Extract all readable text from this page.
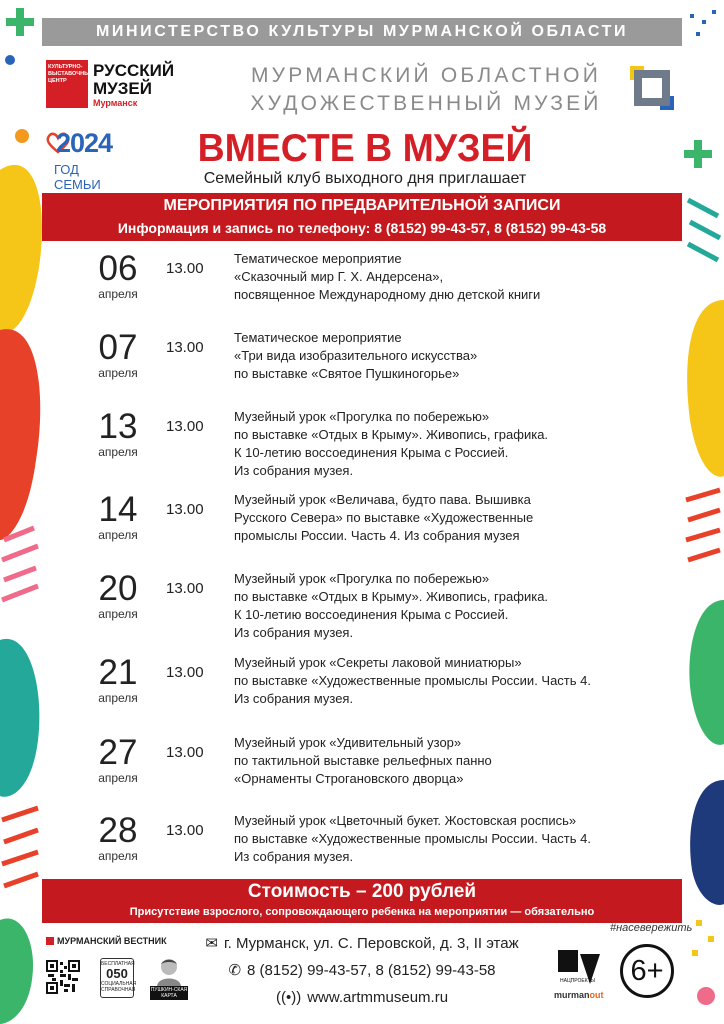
МИНИСТЕРСТВО КУЛЬТУРЫ МУРМАНСКОЙ ОБЛАСТИ
КУЛЬТУРНО-ВЫСТАВОЧНЫЙ ЦЕНТР
РУССКИЙ МУЗЕЙ
Мурманск
МУРМАНСКИЙ ОБЛАСТНОЙ
ХУДОЖЕСТВЕННЫЙ МУЗЕЙ
2024
ГОД СЕМЬИ
ВМЕСТЕ В МУЗЕЙ
Семейный клуб выходного дня приглашает
МЕРОПРИЯТИЯ ПО ПРЕДВАРИТЕЛЬНОЙ ЗАПИСИ
Информация и запись по телефону: 8 (8152) 99-43-57, 8 (8152) 99-43-58
06
апреля
13.00
Тематическое мероприятие
«Сказочный мир Г. Х. Андерсена»,
посвященное Международному дню детской книги
07
апреля
13.00
Тематическое мероприятие
«Три вида изобразительного искусства»
по выставке «Святое Пушкиногорье»
13
апреля
13.00
Музейный урок «Прогулка по побережью»
по выставке «Отдых в Крыму». Живопись, графика.
К 10-летию воссоединения Крыма с Россией.
Из собрания музея.
14
апреля
13.00
Музейный урок «Величава, будто пава. Вышивка
Русского Севера» по выставке «Художественные
промыслы России. Часть 4. Из собрания музея
20
апреля
13.00
Музейный урок «Прогулка по побережью»
по выставке «Отдых в Крыму». Живопись, графика.
К 10-летию воссоединения Крыма с Россией.
Из собрания музея.
21
апреля
13.00
Музейный урок «Секреты лаковой миниатюры»
по выставке «Художественные промыслы России. Часть 4.
Из собрания музея.
27
апреля
13.00
Музейный урок «Удивительный узор»
по тактильной выставке рельефных панно
«Орнаменты Строгановского дворца»
28
апреля
13.00
Музейный урок «Цветочный букет. Жостовская роспись»
по выставке «Художественные промыслы России. Часть 4.
Из собрания музея.
Стоимость – 200 рублей
Присутствие взрослого, сопровождающего ребенка на мероприятии — обязательно
МУРМАНСКИЙ ВЕСТНИК
БЕСПЛАТНАЯ
050
СОЦИАЛЬНАЯ СПРАВОЧНАЯ	ПУШКИН-СКАЯ КАРТА
✉ г. Мурманск, ул. С. Перовской, д. 3, II этаж
✆ 8 (8152) 99-43-57, 8 (8152) 99-43-58
((•)) www.artmmuseum.ru
#насевережить
НАЦПРОЕКТЫ
murmanout
6+
